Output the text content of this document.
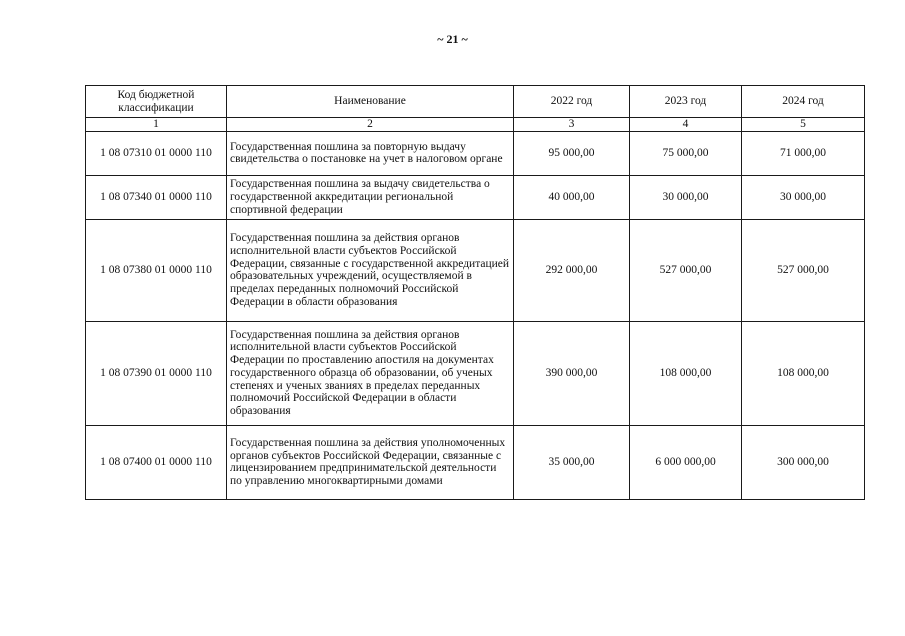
~ 21 ~
Код бюджетной классификации	Наименование	2022 год	2023 год	2024 год
1	2	3	4	5
1 08 07310 01 0000 110	Государственная пошлина за повторную выдачу свидетельства о постановке на учет в налоговом органе	95 000,00	75 000,00	71 000,00
1 08 07340 01 0000 110	Государственная пошлина за выдачу свидетельства о государственной аккредитации региональной спортивной федерации	40 000,00	30 000,00	30 000,00
1 08 07380 01 0000 110	Государственная пошлина за действия органов исполнительной власти субъектов Российской Федерации, связанные с государственной аккредитацией образовательных учреждений, осуществляемой в пределах переданных полномочий Российской Федерации в области образования	292 000,00	527 000,00	527 000,00
1 08 07390 01 0000 110	Государственная пошлина за действия органов исполнительной власти субъектов Российской Федерации по проставлению апостиля на документах государственного образца об образовании, об ученых степенях и ученых званиях в пределах переданных полномочий Российской Федерации в области образования	390 000,00	108 000,00	108 000,00
1 08 07400 01 0000 110	Государственная пошлина за действия уполномоченных органов субъектов Российской Федерации, связанные с лицензированием предпринимательской деятельности по управлению многоквартирными домами	35 000,00	6 000 000,00	300 000,00
